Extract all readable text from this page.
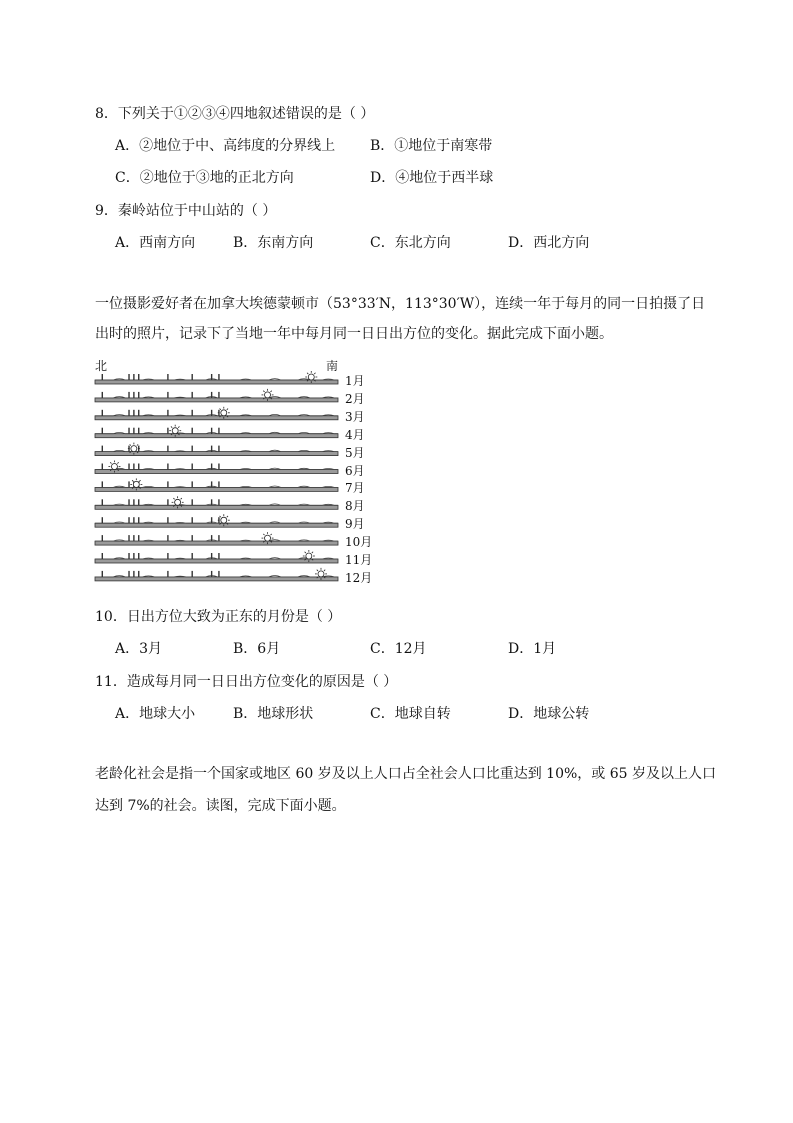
8．下列关于①②③④四地叙述错误的是（ ）
A．②地位于中、高纬度的分界线上 B．①地位于南寒带
C．②地位于③地的正北方向	D．④地位于西半球
9．秦岭站位于中山站的（ ）
A．西南方向	B．东南方向	C．东北方向	D．西北方向
一位摄影爱好者在加拿大埃德蒙顿市（53°33′N，113°30′W），连续一年于每月的同一日拍摄了日
出时的照片，记录下了当地一年中每月同一日日出方位的变化。据此完成下面小题。
北	南
1月
2月
3月
4月
5月
6月
7月
8月
9月
10月
11月
12月
10．日出方位大致为正东的月份是（ ）
A．3月	B．6月	C．12月	D．1月
11．造成每月同一日日出方位变化的原因是（ ）
A．地球大小	B．地球形状	C．地球自转	D．地球公转
老龄化社会是指一个国家或地区 60 岁及以上人口占全社会人口比重达到 10%，或 65 岁及以上人口
达到 7%的社会。读图，完成下面小题。
